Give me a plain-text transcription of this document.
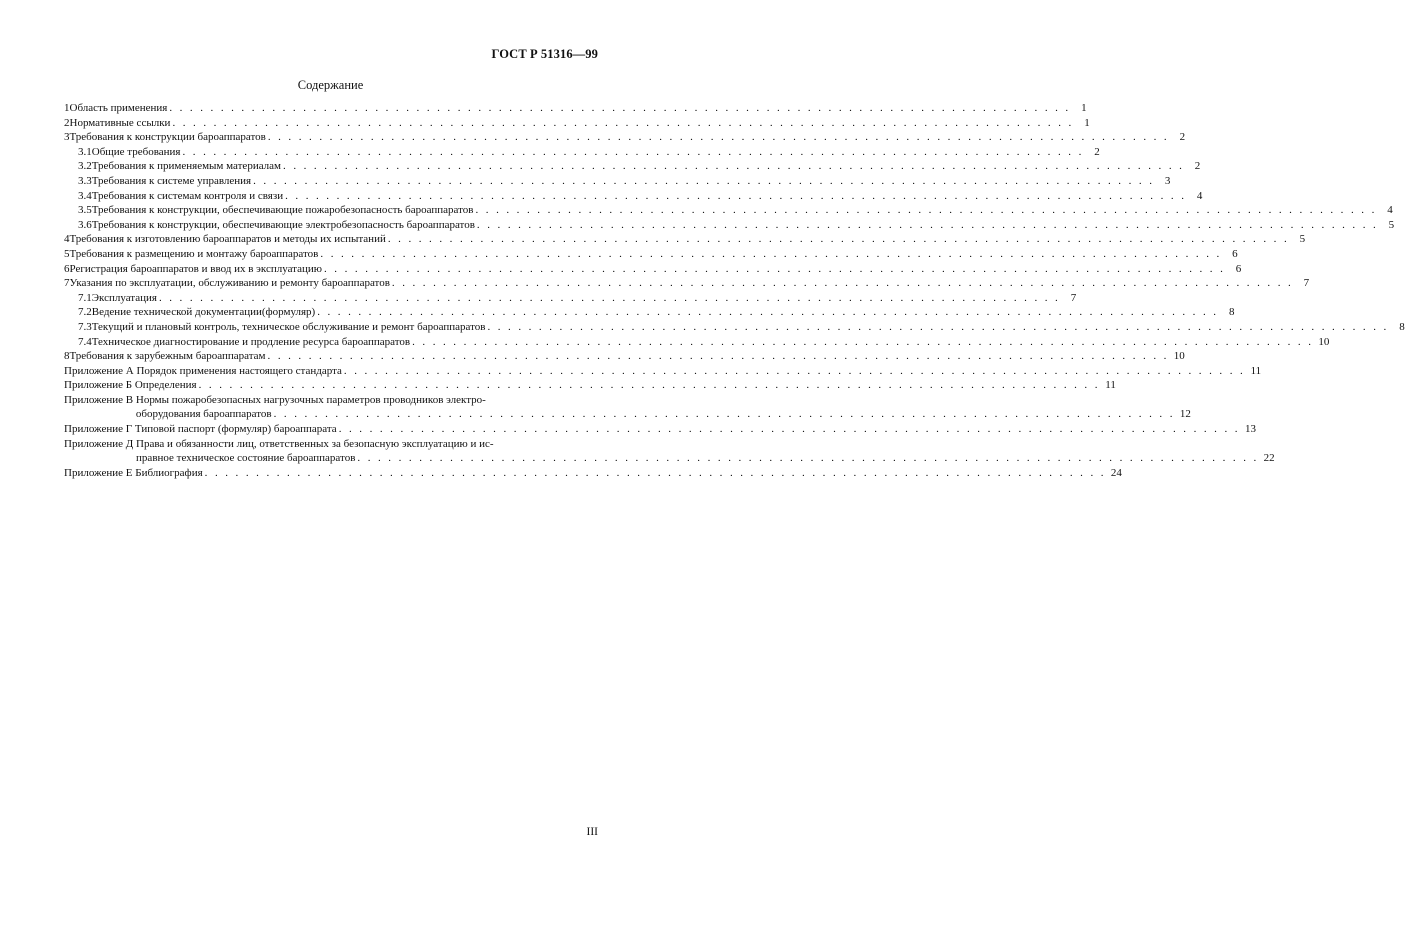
ГОСТ Р 51316—99
Содержание
1 Область применения . . . . . . . . . . . . . . . . . . . . . . . . . . . . . . . . . . . . . . . . . . . . . . . . . . . . . . . . . . . . . . . . . . . . . . . . . . . . . . . . . . . . . . . . 1
2 Нормативные ссылки . . . . . . . . . . . . . . . . . . . . . . . . . . . . . . . . . . . . . . . . . . . . . . . . . . . . . . . . . . . . . . . . . . . . . . . . . . . . . . . . . . . . . . . . 1
3 Требования к конструкции бароаппаратов . . . . . . . . . . . . . . . . . . . . . . . . . . . . . . . . . . . . . . . . . . . . . . . . . . . . . . . . . . . . . . . . . . . . . . . . . . . . . . . . . . . . . . . . 2
3.1 Общие требования . . . . . . . . . . . . . . . . . . . . . . . . . . . . . . . . . . . . . . . . . . . . . . . . . . . . . . . . . . . . . . . . . . . . . . . . . . . . . . . . . . . . . . . . 2
3.2 Требования к применяемым материалам . . . . . . . . . . . . . . . . . . . . . . . . . . . . . . . . . . . . . . . . . . . . . . . . . . . . . . . . . . . . . . . . . . . . . . . . . . . . . . . . . . . . . . . . 2
3.3 Требования к системе управления . . . . . . . . . . . . . . . . . . . . . . . . . . . . . . . . . . . . . . . . . . . . . . . . . . . . . . . . . . . . . . . . . . . . . . . . . . . . . . . . . . . . . . . . 3
3.4 Требования к системам контроля и связи . . . . . . . . . . . . . . . . . . . . . . . . . . . . . . . . . . . . . . . . . . . . . . . . . . . . . . . . . . . . . . . . . . . . . . . . . . . . . . . . . . . . . . . . 4
3.5 Требования к конструкции, обеспечивающие пожаробезопасность бароаппаратов . . . . . . . . . . . . . . . . . . . . . . . . . . . . . . . . . . . . . . . . . . . . . . . . . . . . . . . . . . . . . . . . . . . . . . . . . . . . . . . . . . . . . . . . 4
3.6 Требования к конструкции, обеспечивающие электробезопасность бароаппаратов . . . . . . . . . . . . . . . . . . . . . . . . . . . . . . . . . . . . . . . . . . . . . . . . . . . . . . . . . . . . . . . . . . . . . . . . . . . . . . . . . . . . . . . . 5
4 Требования к изготовлению бароаппаратов и методы их испытаний . . . . . . . . . . . . . . . . . . . . . . . . . . . . . . . . . . . . . . . . . . . . . . . . . . . . . . . . . . . . . . . . . . . . . . . . . . . . . . . . . . . . . . . . 5
5 Требования к размещению и монтажу бароаппаратов . . . . . . . . . . . . . . . . . . . . . . . . . . . . . . . . . . . . . . . . . . . . . . . . . . . . . . . . . . . . . . . . . . . . . . . . . . . . . . . . . . . . . . . . 6
6 Регистрация бароаппаратов и ввод их в эксплуатацию . . . . . . . . . . . . . . . . . . . . . . . . . . . . . . . . . . . . . . . . . . . . . . . . . . . . . . . . . . . . . . . . . . . . . . . . . . . . . . . . . . . . . . . . 6
7 Указания по эксплуатации, обслуживанию и ремонту бароаппаратов . . . . . . . . . . . . . . . . . . . . . . . . . . . . . . . . . . . . . . . . . . . . . . . . . . . . . . . . . . . . . . . . . . . . . . . . . . . . . . . . . . . . . . . . 7
7.1 Эксплуатация . . . . . . . . . . . . . . . . . . . . . . . . . . . . . . . . . . . . . . . . . . . . . . . . . . . . . . . . . . . . . . . . . . . . . . . . . . . . . . . . . . . . . . . . 7
7.2 Ведение технической документации(формуляр) . . . . . . . . . . . . . . . . . . . . . . . . . . . . . . . . . . . . . . . . . . . . . . . . . . . . . . . . . . . . . . . . . . . . . . . . . . . . . . . . . . . . . . . . 8
7.3 Текущий и плановый контроль, техническое обслуживание и ремонт бароаппаратов . . . . . . . . . . . . . . . . . . . . . . . . . . . . . . . . . . . . . . . . . . . . . . . . . . . . . . . . . . . . . . . . . . . . . . . . . . . . . . . . . . . . . . . . 8
7.4 Техническое диагностирование и продление ресурса бароаппаратов . . . . . . . . . . . . . . . . . . . . . . . . . . . . . . . . . . . . . . . . . . . . . . . . . . . . . . . . . . . . . . . . . . . . . . . . . . . . . . . . . . . . . . . . 10
8 Требования к зарубежным бароаппаратам . . . . . . . . . . . . . . . . . . . . . . . . . . . . . . . . . . . . . . . . . . . . . . . . . . . . . . . . . . . . . . . . . . . . . . . . . . . . . . . . . . . . . . . . 10
Приложение А
Порядок применения настоящего стандарта . . . . . . . . . . . . . . . . . . . . . . . . . . . . . . . . . . . . . . . . . . . . . . . . . . . . . . . . . . . . . . . . . . . . . . . . . . . . . . . . . . . . . . . . 11
Приложение Б
Определения . . . . . . . . . . . . . . . . . . . . . . . . . . . . . . . . . . . . . . . . . . . . . . . . . . . . . . . . . . . . . . . . . . . . . . . . . . . . . . . . . . . . . . . . 11
Приложение В
Нормы пожаробезопасных нагрузочных параметров проводников электро-
оборудования бароаппаратов . . . . . . . . . . . . . . . . . . . . . . . . . . . . . . . . . . . . . . . . . . . . . . . . . . . . . . . . . . . . . . . . . . . . . . . . . . . . . . . . . . . . . . . . 12
Приложение Г
Типовой паспорт (формуляр) бароаппарата . . . . . . . . . . . . . . . . . . . . . . . . . . . . . . . . . . . . . . . . . . . . . . . . . . . . . . . . . . . . . . . . . . . . . . . . . . . . . . . . . . . . . . . . 13
Приложение Д
Права и обязанности лиц, ответственных за безопасную эксплуатацию и ис-
правное техническое состояние бароаппаратов . . . . . . . . . . . . . . . . . . . . . . . . . . . . . . . . . . . . . . . . . . . . . . . . . . . . . . . . . . . . . . . . . . . . . . . . . . . . . . . . . . . . . . . . 22
Приложение Е
Библиография . . . . . . . . . . . . . . . . . . . . . . . . . . . . . . . . . . . . . . . . . . . . . . . . . . . . . . . . . . . . . . . . . . . . . . . . . . . . . . . . . . . . . . . . 24
III
